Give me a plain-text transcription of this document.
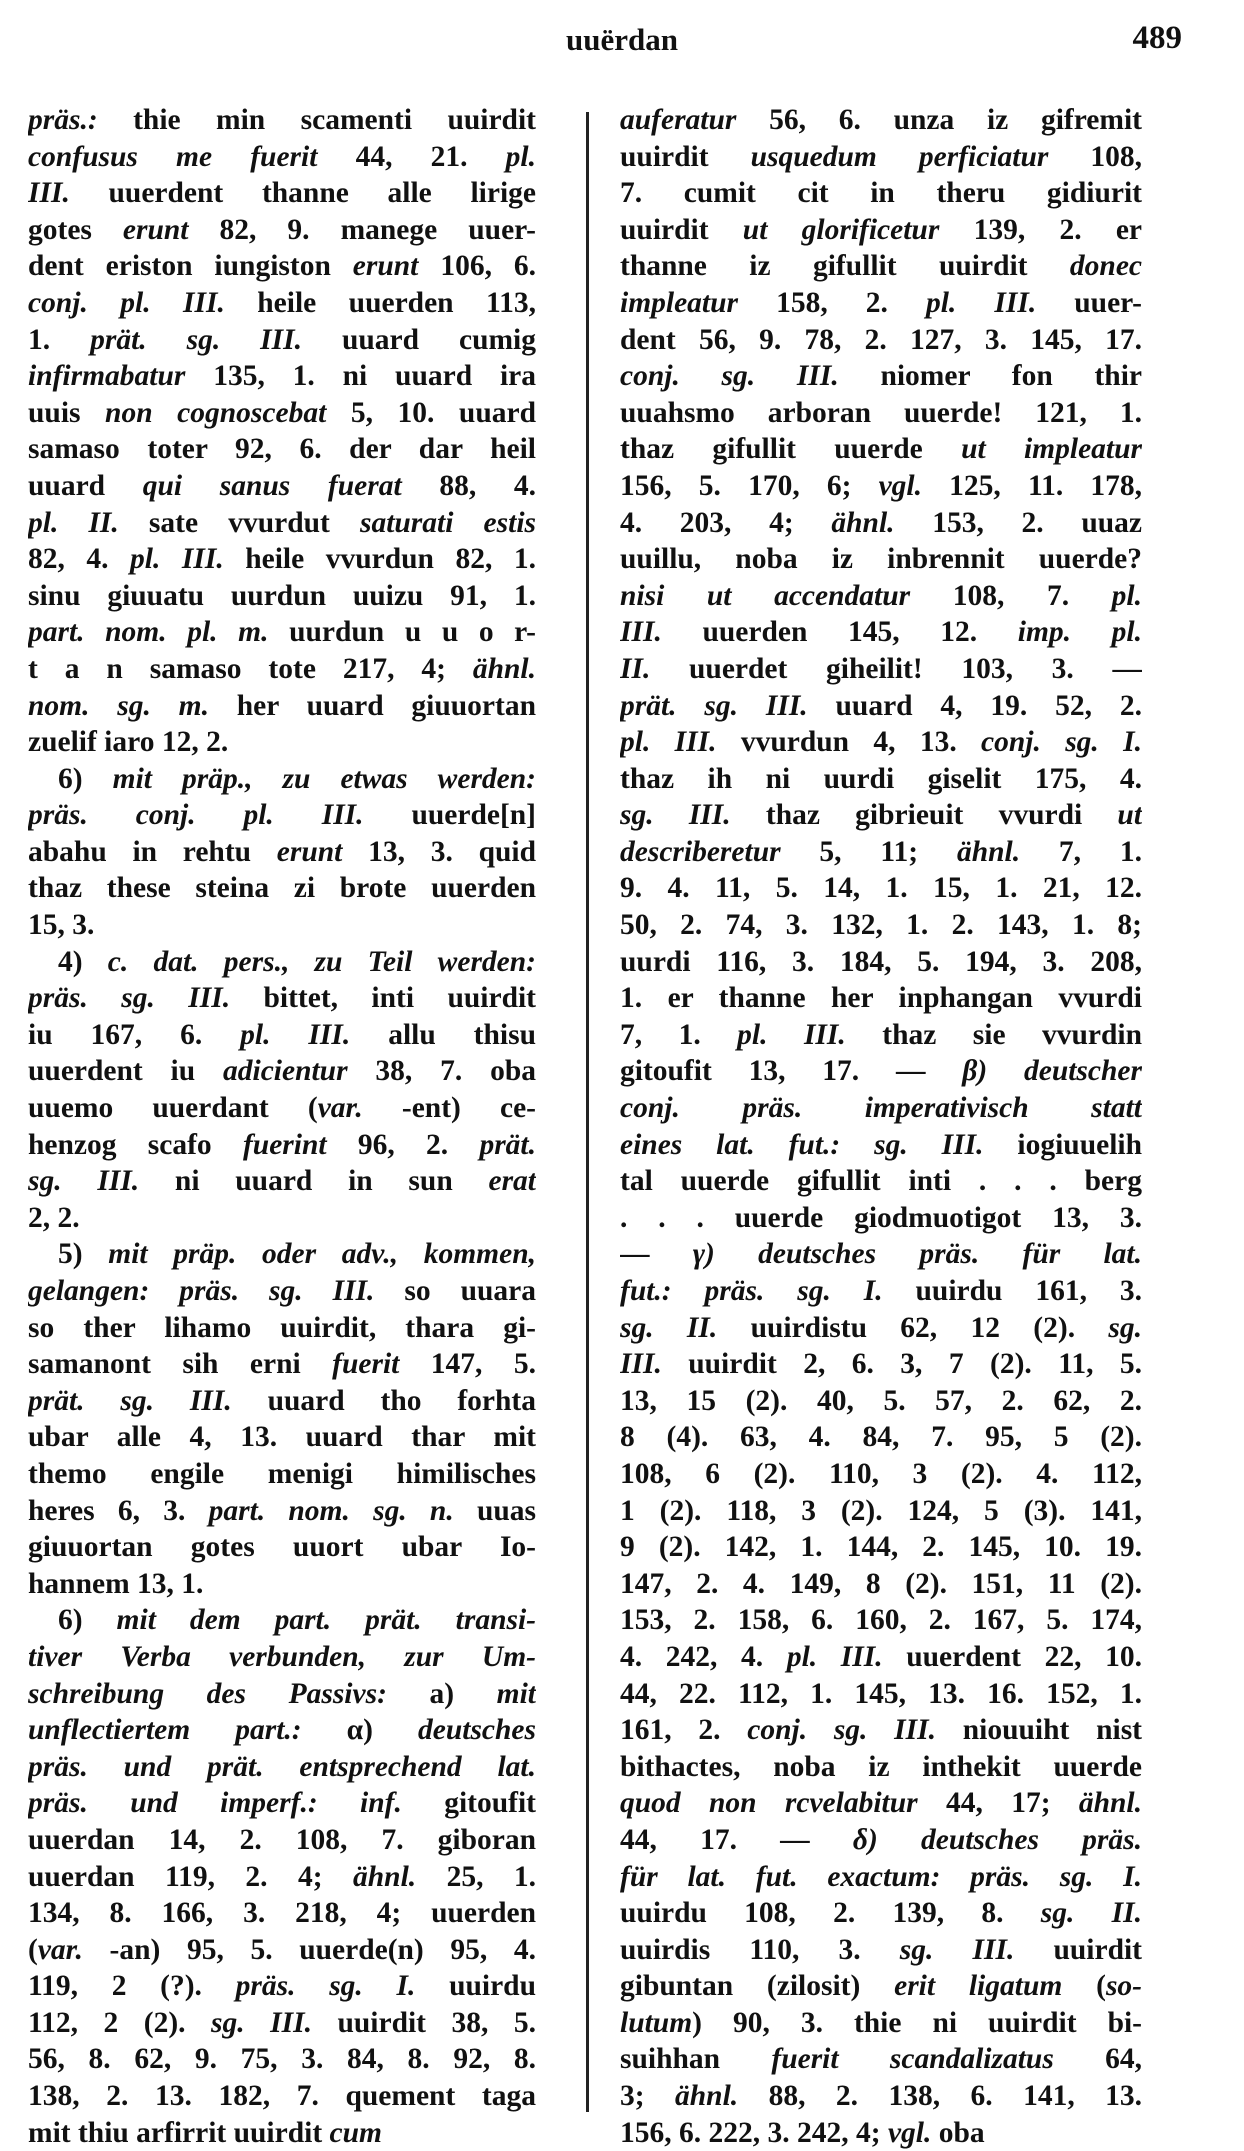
uuërdan	489
präs.: thie min scamenti uuirdit
confusus me fuerit 44, 21. pl.
III. uuerdent thanne alle lirige
gotes erunt 82, 9. manege uuer-
dent eriston iungiston erunt 106, 6.
conj. pl. III. heile uuerden 113,
1. prät. sg. III. uuard cumig
infirmabatur 135, 1. ni uuard ira
uuis non cognoscebat 5, 10. uuard
samaso toter 92, 6. der dar heil
uuard qui sanus fuerat 88, 4.
pl. II. sate vvurdut saturati estis
82, 4. pl. III. heile vvurdun 82, 1.
sinu giuuatu uurdun uuizu 91, 1.
part. nom. pl. m. uurdun u u o r-
t a n samaso tote 217, 4; ähnl.
nom. sg. m. her uuard giuuortan
zuelif iaro 12, 2.
6) mit präp., zu etwas werden:
präs. conj. pl. III. uuerde[n]
abahu in rehtu erunt 13, 3. quid
thaz these steina zi brote uuerden
15, 3.
4) c. dat. pers., zu Teil werden:
präs. sg. III. bittet, inti uuirdit
iu 167, 6. pl. III. allu thisu
uuerdent iu adicientur 38, 7. oba
uuemo uuerdant (var. -ent) ce-
henzog scafo fuerint 96, 2. prät.
sg. III. ni uuard in sun erat
2, 2.
5) mit präp. oder adv., kommen,
gelangen: präs. sg. III. so uuara
so ther lihamo uuirdit, thara gi-
samanont sih erni fuerit 147, 5.
prät. sg. III. uuard tho forhta
ubar alle 4, 13. uuard thar mit
themo engile menigi himilisches
heres 6, 3. part. nom. sg. n. uuas
giuuortan gotes uuort ubar Io-
hannem 13, 1.
6) mit dem part. prät. transi-
tiver Verba verbunden, zur Um-
schreibung des Passivs: a) mit
unflectiertem part.: α) deutsches
präs. und prät. entsprechend lat.
präs. und imperf.: inf. gitoufit
uuerdan 14, 2. 108, 7. giboran
uuerdan 119, 2. 4; ähnl. 25, 1.
134, 8. 166, 3. 218, 4; uuerden
(var. -an) 95, 5. uuerde(n) 95, 4.
119, 2 (?). präs. sg. I. uuirdu
112, 2 (2). sg. III. uuirdit 38, 5.
56, 8. 62, 9. 75, 3. 84, 8. 92, 8.
138, 2. 13. 182, 7. quement taga
mit thiu arfirrit uuirdit cum
auferatur 56, 6. unza iz gifremit
uuirdit usquedum perficiatur 108,
7. cumit cit in theru gidiurit
uuirdit ut glorificetur 139, 2. er
thanne iz gifullit uuirdit donec
impleatur 158, 2. pl. III. uuer-
dent 56, 9. 78, 2. 127, 3. 145, 17.
conj. sg. III. niomer fon thir
uuahsmo arboran uuerde! 121, 1.
thaz gifullit uuerde ut impleatur
156, 5. 170, 6; vgl. 125, 11. 178,
4. 203, 4; ähnl. 153, 2. uuaz
uuillu, noba iz inbrennit uuerde?
nisi ut accendatur 108, 7. pl.
III. uuerden 145, 12. imp. pl.
II. uuerdet giheilit! 103, 3. —
prät. sg. III. uuard 4, 19. 52, 2.
pl. III. vvurdun 4, 13. conj. sg. I.
thaz ih ni uurdi giselit 175, 4.
sg. III. thaz gibrieuit vvurdi ut
describeretur 5, 11; ähnl. 7, 1.
9. 4. 11, 5. 14, 1. 15, 1. 21, 12.
50, 2. 74, 3. 132, 1. 2. 143, 1. 8;
uurdi 116, 3. 184, 5. 194, 3. 208,
1. er thanne her inphangan vvurdi
7, 1. pl. III. thaz sie vvurdin
gitoufit 13, 17. — β) deutscher
conj. präs. imperativisch statt
eines lat. fut.: sg. III. iogiuuelih
tal uuerde gifullit inti . . . berg
. . . uuerde giodmuotigot 13, 3.
— γ) deutsches präs. für lat.
fut.: präs. sg. I. uuirdu 161, 3.
sg. II. uuirdistu 62, 12 (2). sg.
III. uuirdit 2, 6. 3, 7 (2). 11, 5.
13, 15 (2). 40, 5. 57, 2. 62, 2.
8 (4). 63, 4. 84, 7. 95, 5 (2).
108, 6 (2). 110, 3 (2). 4. 112,
1 (2). 118, 3 (2). 124, 5 (3). 141,
9 (2). 142, 1. 144, 2. 145, 10. 19.
147, 2. 4. 149, 8 (2). 151, 11 (2).
153, 2. 158, 6. 160, 2. 167, 5. 174,
4. 242, 4. pl. III. uuerdent 22, 10.
44, 22. 112, 1. 145, 13. 16. 152, 1.
161, 2. conj. sg. III. niouuiht nist
bithactes, noba iz inthekit uuerde
quod non rcvelabitur 44, 17; ähnl.
44, 17. — δ) deutsches präs.
für lat. fut. exactum: präs. sg. I.
uuirdu 108, 2. 139, 8. sg. II.
uuirdis 110, 3. sg. III. uuirdit
gibuntan (zilosit) erit ligatum (so-
lutum) 90, 3. thie ni uuirdit bi-
suihhan fuerit scandalizatus 64,
3; ähnl. 88, 2. 138, 6. 141, 13.
156, 6. 222, 3. 242, 4; vgl. oba
